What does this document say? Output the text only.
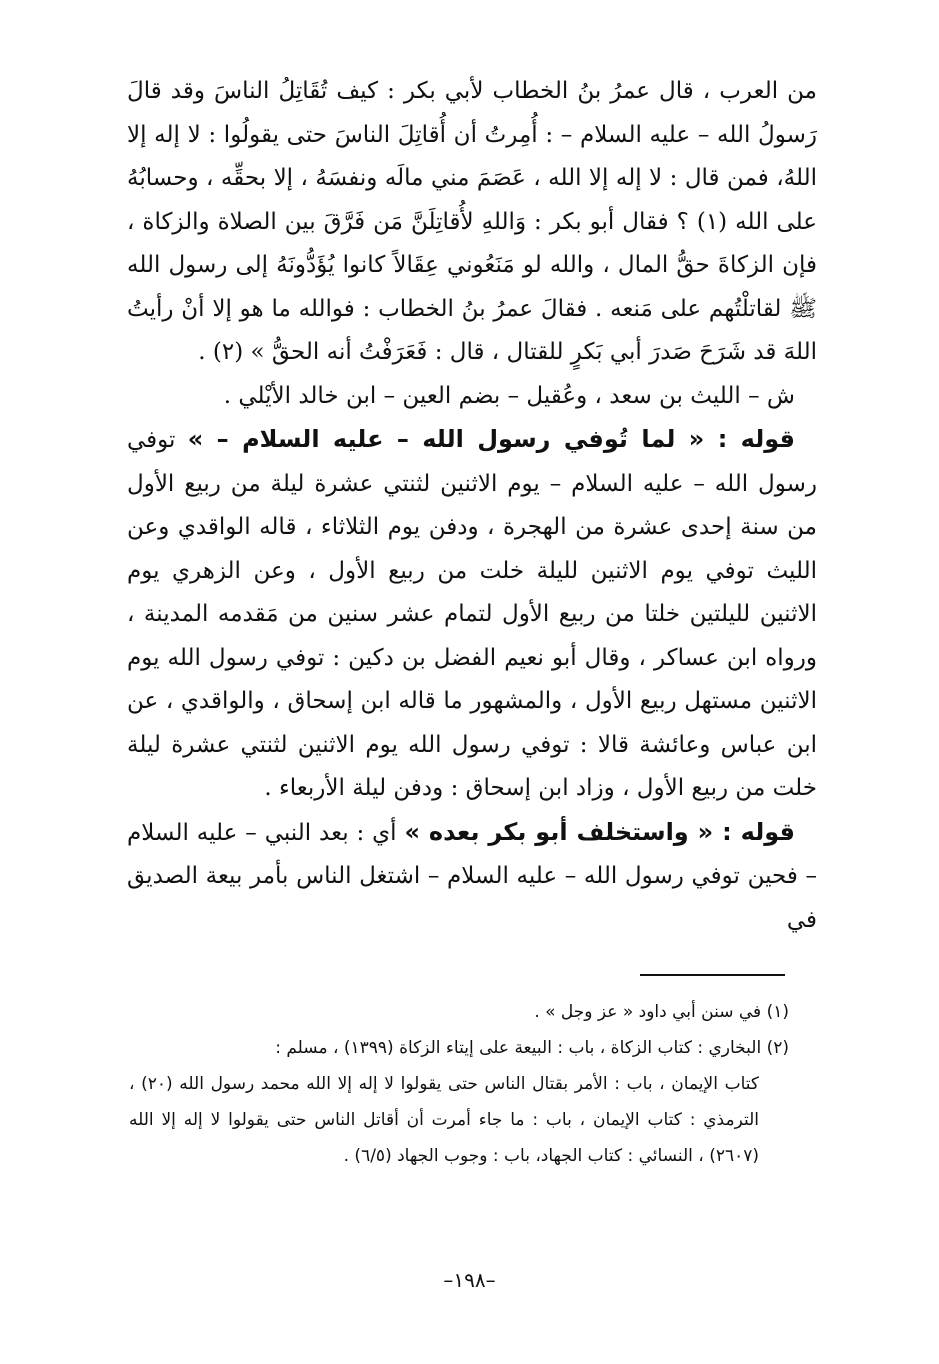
من العرب ، قال عمرُ بنُ الخطاب لأبي بكر : كيف تُقَاتِلُ الناسَ وقد قالَ رَسولُ الله – عليه السلام – : أُمِرتُ أن أُقاتِلَ الناسَ حتى يقولُوا : لا إله إلا اللهُ، فمن قال : لا إله إلا الله ، عَصَمَ مني مالَه ونفسَهُ ، إلا بحقِّه ، وحسابُهُ على الله (١) ؟ فقال أبو بكر : وَاللهِ لأُقاتِلَنَّ مَن فَرَّقَ بين الصلاة والزكاة ، فإن الزكاةَ حقُّ المال ، والله لو مَنَعُوني عِقَالاً كانوا يُؤَدُّونَهُ إلى رسول الله ﷺ لقاتلْتُهم على مَنعه . فقالَ عمرُ بنُ الخطاب : فوالله ما هو إلا أنْ رأيتُ اللهَ قد شَرَحَ صَدرَ أبي بَكرٍ للقتال ، قال : فَعَرَفْتُ أنه الحقُّ » (٢) .

ش – الليث بن سعد ، وعُقيل – بضم العين – ابن خالد الأيْلي .

قوله : « لما تُوفي رسول الله – عليه السلام – » توفي رسول الله – عليه السلام – يوم الاثنين لثنتي عشرة ليلة من ربيع الأول من سنة إحدى عشرة من الهجرة ، ودفن يوم الثلاثاء ، قاله الواقدي وعن الليث توفي يوم الاثنين لليلة خلت من ربيع الأول ، وعن الزهري يوم الاثنين لليلتين خلتا من ربيع الأول لتمام عشر سنين من مَقدمه المدينة ، ورواه ابن عساكر ، وقال أبو نعيم الفضل بن دكين : توفي رسول الله يوم الاثنين مستهل ربيع الأول ، والمشهور ما قاله ابن إسحاق ، والواقدي ، عن ابن عباس وعائشة قالا : توفي رسول الله يوم الاثنين لثنتي عشرة ليلة خلت من ربيع الأول ، وزاد ابن إسحاق : ودفن ليلة الأربعاء .

قوله : « واستخلف أبو بكر بعده » أي : بعد النبي – عليه السلام – فحين توفي رسول الله – عليه السلام – اشتغل الناس بأمر بيعة الصديق في

(١) في سنن أبي داود « عز وجل » .

(٢) البخاري : كتاب الزكاة ، باب : البيعة على إيتاء الزكاة (١٣٩٩) ، مسلم :

كتاب الإيمان ، باب : الأمر بقتال الناس حتى يقولوا لا إله إلا الله محمد رسول الله (٢٠) ، الترمذي : كتاب الإيمان ، باب : ما جاء أمرت أن أقاتل الناس حتى يقولوا لا إله إلا الله (٢٦٠٧) ، النسائي : كتاب الجهاد، باب : وجوب الجهاد (٦/٥) .

–١٩٨–
